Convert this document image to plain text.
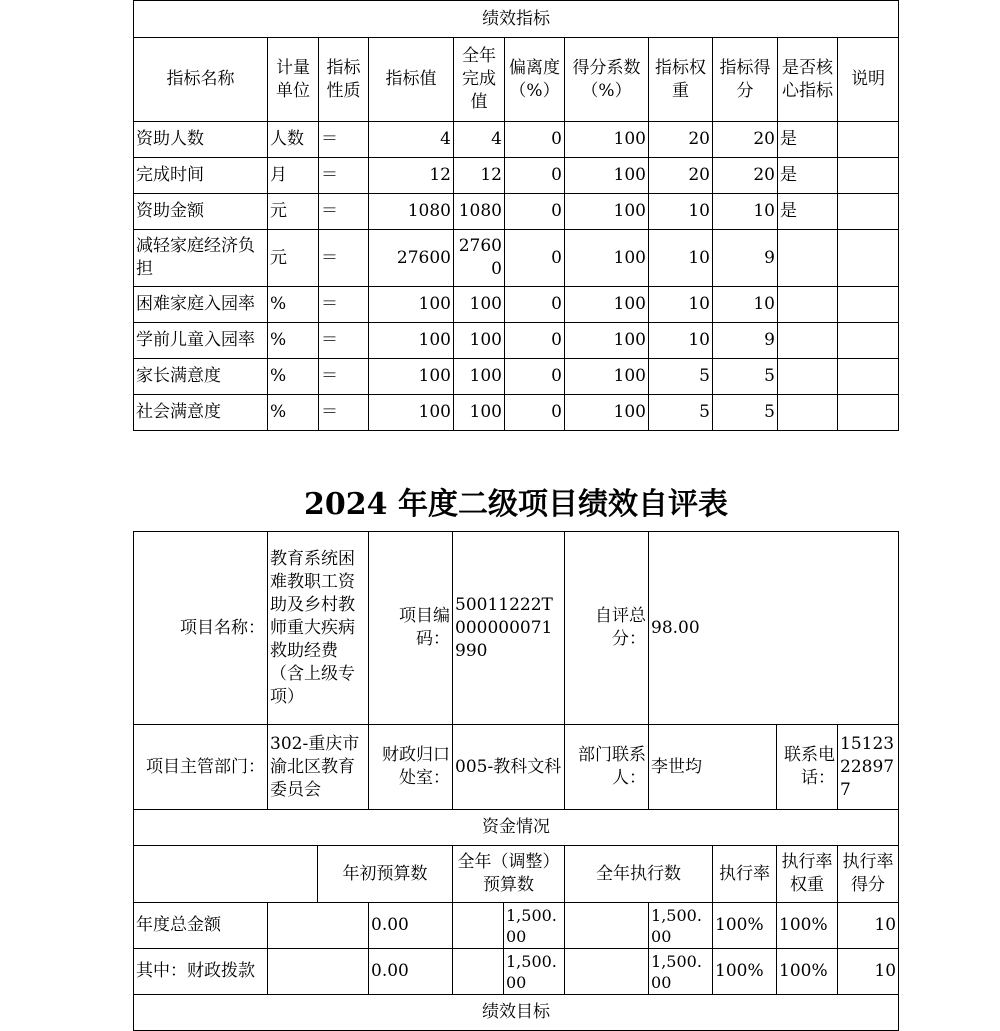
绩效指标										
指标名称	计量单位	指标性质	指标值	全年完成值	偏离度（%）	得分系数（%）	指标权重	指标得分	是否核心指标	说明
资助人数	人数	＝	4	4	0	100	20	20	是	
完成时间	月	＝	12	12	0	100	20	20	是	
资助金额	元	＝	1080	1080	0	100	10	10	是	
减轻家庭经济负担	元	＝	27600	27600	0	100	10	9		
困难家庭入园率	%	＝	100	100	0	100	10	10		
学前儿童入园率	%	＝	100	100	0	100	10	9		
家长满意度	%	＝	100	100	0	100	5	5		
社会满意度	%	＝	100	100	0	100	5	5		
2024 年度二级项目绩效自评表
项目名称：	教育系统困难教职工资助及乡村教师重大疾病救助经费（含上级专项）		项目编码：	50011222T000000071990		自评总分：	98.00			
项目主管部门：	302-重庆市渝北区教育委员会		财政归口处室：	005-教科文科		部门联系人：	李世均		联系电话：	15123228977
资金情况										
		年初预算数		全年（调整）预算数		全年执行数		执行率	执行率权重	执行率得分
年度总金额			0.00		1,500.00		1,500.00	100%	100%	10
其中：财政拨款			0.00		1,500.00		1,500.00	100%	100%	10
绩效目标										
